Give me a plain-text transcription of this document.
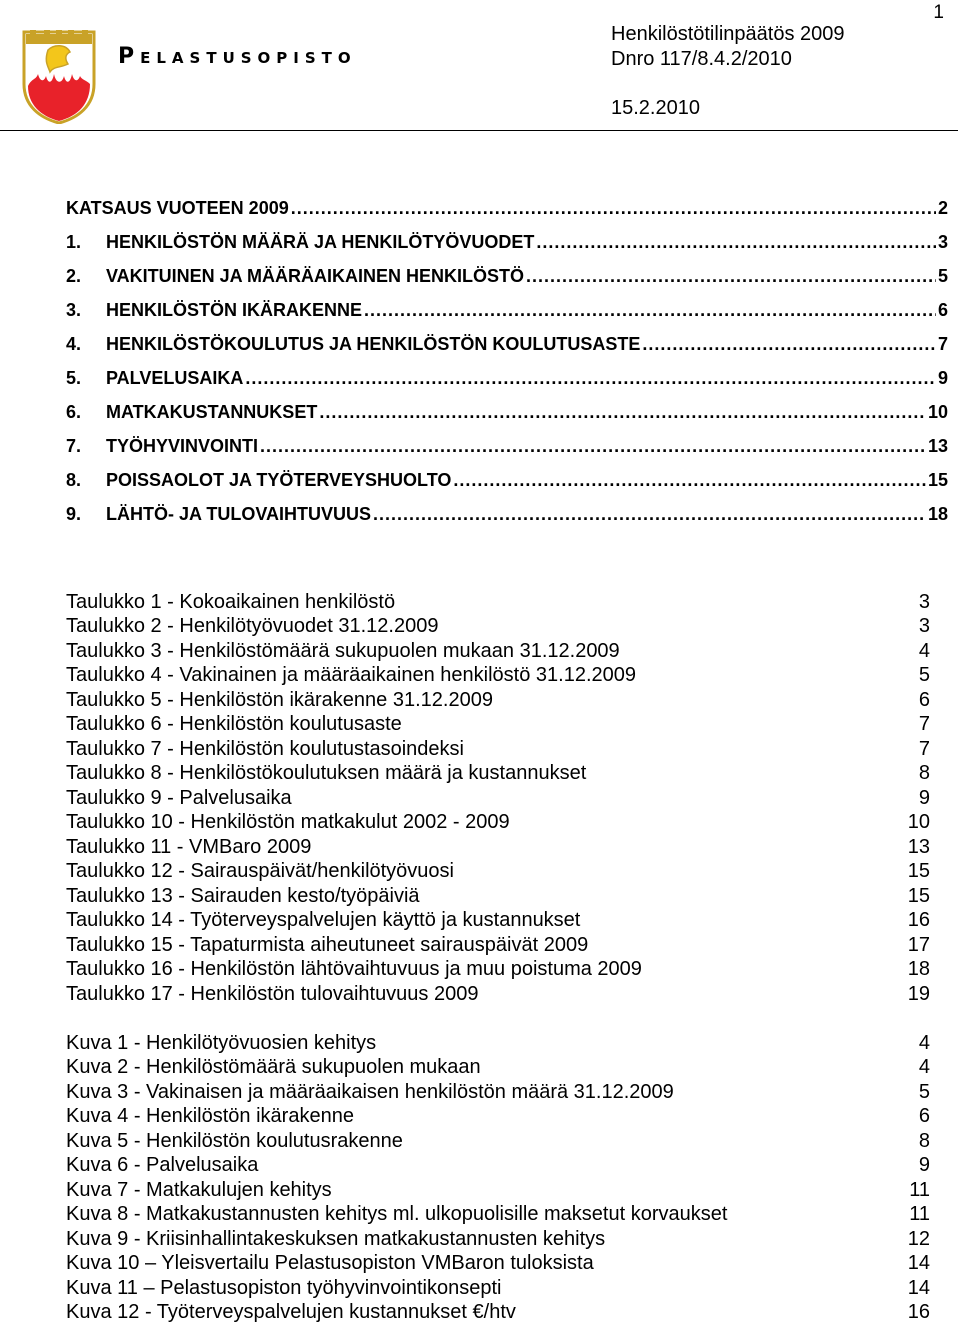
1
Pelastusopisto
Henkilöstötilinpäätös 2009
Dnro 117/8.4.2/2010
15.2.2010
KATSAUS VUOTEEN 2009 .....	2
1.	HENKILÖSTÖN MÄÄRÄ JA HENKILÖTYÖVUODET .....	3
2.	VAKITUINEN JA MÄÄRÄAIKAINEN HENKILÖSTÖ .....	5
3.	HENKILÖSTÖN IKÄRAKENNE .....	6
4.	HENKILÖSTÖKOULUTUS JA HENKILÖSTÖN KOULUTUSASTE .....	7
5.	PALVELUSAIKA .....	9
6.	MATKAKUSTANNUKSET .....	10
7.	TYÖHYVINVOINTI .....	13
8.	POISSAOLOT JA TYÖTERVEYSHUOLTO .....	15
9.	LÄHTÖ- JA TULOVAIHTUVUUS .....	18
Taulukko 1 - Kokoaikainen henkilöstö	3
Taulukko 2 - Henkilötyövuodet 31.12.2009	3
Taulukko 3 - Henkilöstömäärä sukupuolen mukaan 31.12.2009	4
Taulukko 4 - Vakinainen ja määräaikainen henkilöstö 31.12.2009	5
Taulukko 5 - Henkilöstön ikärakenne 31.12.2009	6
Taulukko 6 - Henkilöstön koulutusaste	7
Taulukko 7 - Henkilöstön koulutustasoindeksi	7
Taulukko 8 - Henkilöstökoulutuksen määrä ja kustannukset	8
Taulukko 9 - Palvelusaika	9
Taulukko 10 - Henkilöstön matkakulut 2002 - 2009	10
Taulukko 11 - VMBaro 2009	13
Taulukko 12 - Sairauspäivät/henkilötyövuosi	15
Taulukko 13 - Sairauden kesto/työpäiviä	15
Taulukko 14 - Työterveyspalvelujen käyttö ja kustannukset	16
Taulukko 15 - Tapaturmista aiheutuneet sairauspäivät 2009	17
Taulukko 16 - Henkilöstön lähtövaihtuvuus ja muu poistuma 2009	18
Taulukko 17 - Henkilöstön tulovaihtuvuus 2009	19
Kuva 1 - Henkilötyövuosien kehitys	4
Kuva 2 - Henkilöstömäärä sukupuolen mukaan	4
Kuva 3 - Vakinaisen ja määräaikaisen henkilöstön määrä 31.12.2009	5
Kuva 4 - Henkilöstön ikärakenne	6
Kuva 5 - Henkilöstön koulutusrakenne	8
Kuva 6 - Palvelusaika	9
Kuva 7 - Matkakulujen kehitys	11
Kuva 8 - Matkakustannusten kehitys ml. ulkopuolisille maksetut korvaukset	11
Kuva 9 - Kriisinhallintakeskuksen matkakustannusten kehitys	12
Kuva 10 – Yleisvertailu Pelastusopiston VMBaron tuloksista	14
Kuva 11 – Pelastusopiston työhyvinvointikonsepti	14
Kuva 12 - Työterveyspalvelujen kustannukset €/htv	16
